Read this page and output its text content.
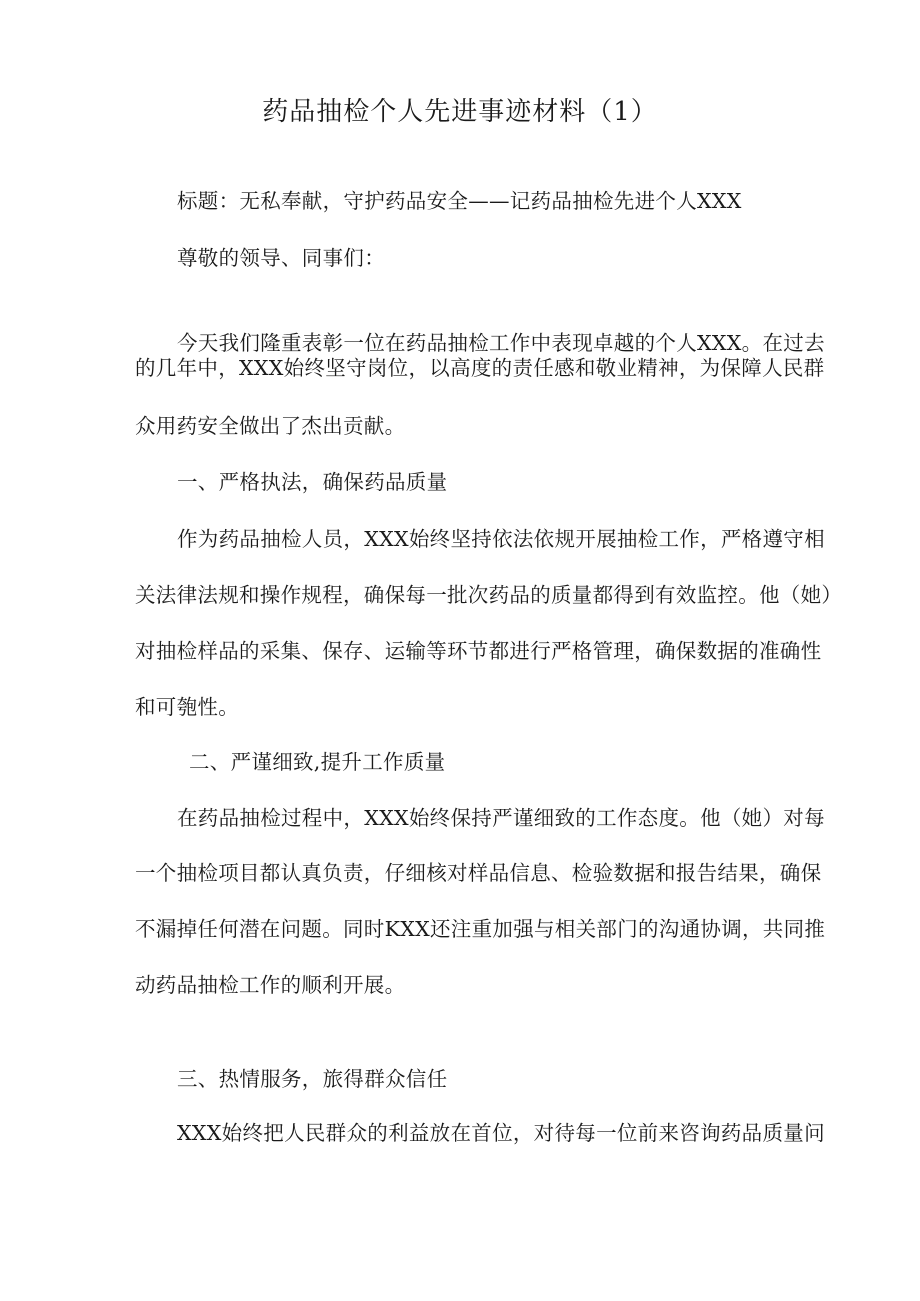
药品抽检个人先进事迹材料（1）
标题：无私奉献，守护药品安全——记药品抽检先进个人XXX
尊敬的领导、同事们：
今天我们隆重表彰一位在药品抽检工作中表现卓越的个人XXX。在过去
的几年中，XXX始终坚守岗位，以高度的责任感和敬业精神，为保障人民群
众用药安全做出了杰出贡献。
一、严格执法，确保药品质量
作为药品抽检人员，XXX始终坚持依法依规开展抽检工作，严格遵守相
关法律法规和操作规程，确保每一批次药品的质量都得到有效监控。他（她）
对抽检样品的采集、保存、运输等环节都进行严格管理，确保数据的准确性
和可匏性。
二、严谨细致,提升工作质量
在药品抽检过程中，XXX始终保持严谨细致的工作态度。他（她）对每
一个抽检项目都认真负责，仔细核对样品信息、检验数据和报告结果，确保
不漏掉任何潜在问题。同时KXX还注重加强与相关部门的沟通协调，共同推
动药品抽检工作的顺利开展。
三、热情服务，旅得群众信任
XXX始终把人民群众的利益放在首位，对待每一位前来咨询药品质量问
